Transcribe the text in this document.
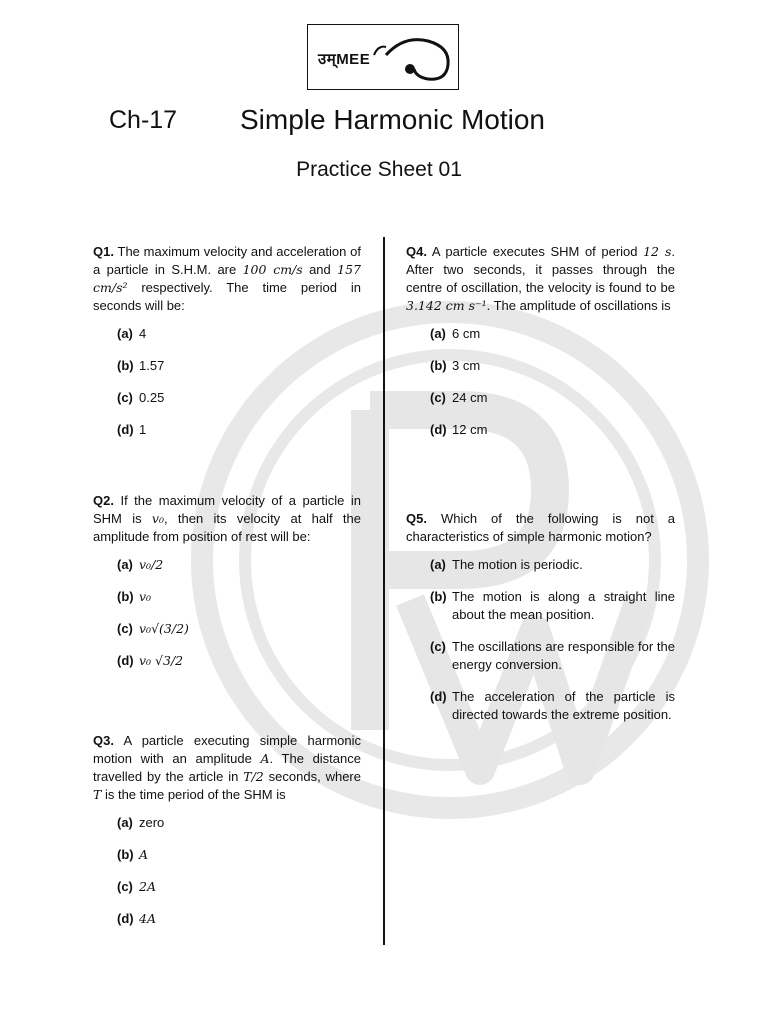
उम्MEE
Ch-17 Simple Harmonic Motion
Practice Sheet 01
Q1. The maximum velocity and acceleration of a particle in S.H.M. are 100 cm/s and 157 cm/s² respectively. The time period in seconds will be:
(a) 4
(b) 1.57
(c) 0.25
(d) 1
Q2. If the maximum velocity of a particle in SHM is v₀, then its velocity at half the amplitude from position of rest will be:
(a) v₀/2
(b) v₀
(c) v₀√(3/2)
(d) v₀ √3/2
Q3. A particle executing simple harmonic motion with an amplitude A. The distance travelled by the article in T/2 seconds, where T is the time period of the SHM is
(a) zero
(b) A
(c) 2A
(d) 4A
Q4. A particle executes SHM of period 12 s. After two seconds, it passes through the centre of oscillation, the velocity is found to be 3.142 cm s⁻¹. The amplitude of oscillations is
(a) 6 cm
(b) 3 cm
(c) 24 cm
(d) 12 cm
Q5. Which of the following is not a characteristics of simple harmonic motion?
(a) The motion is periodic.
(b) The motion is along a straight line about the mean position.
(c) The oscillations are responsible for the energy conversion.
(d) The acceleration of the particle is directed towards the extreme position.
